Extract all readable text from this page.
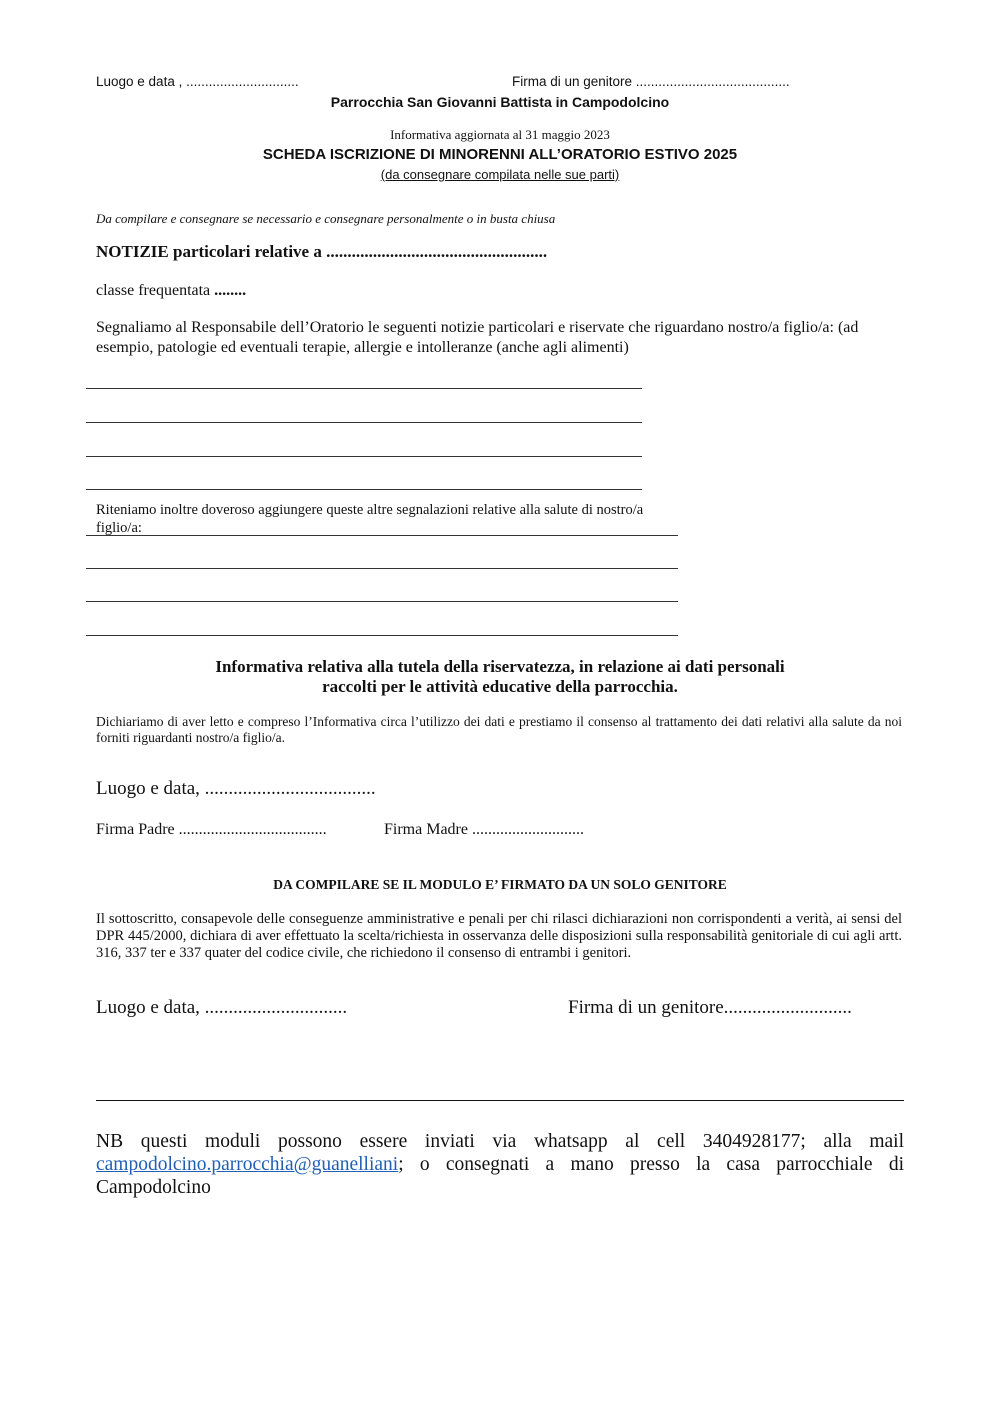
Luogo e data , ..............................	Firma di un genitore .........................................
Parrocchia San Giovanni Battista in Campodolcino
Informativa aggiornata al 31 maggio 2023
SCHEDA ISCRIZIONE DI MINORENNI ALL’ORATORIO ESTIVO 2025
(da consegnare compilata nelle sue parti)
Da compilare e consegnare se necessario e consegnare personalmente o in busta chiusa
NOTIZIE particolari relative a ....................................................
classe frequentata ........
Segnaliamo al Responsabile dell’Oratorio le seguenti notizie particolari e riservate che riguardano nostro/a figlio/a: (ad esempio, patologie ed eventuali terapie, allergie e intolleranze (anche agli alimenti)
Riteniamo inoltre doveroso aggiungere queste altre segnalazioni relative alla salute di nostro/a figlio/a:
Informativa relativa alla tutela della riservatezza, in relazione ai dati personali
raccolti per le attività educative della parrocchia.
Dichiariamo di aver letto e compreso l’Informativa circa l’utilizzo dei dati e prestiamo il consenso al trattamento dei dati relativi alla salute da noi forniti riguardanti nostro/a figlio/a.
Luogo e data, ....................................
Firma Padre .....................................	Firma Madre ............................
DA COMPILARE SE IL MODULO E’ FIRMATO DA UN SOLO GENITORE
Il sottoscritto, consapevole delle conseguenze amministrative e penali per chi rilasci dichiarazioni non corrispondenti a verità, ai sensi del DPR 445/2000, dichiara di aver effettuato la scelta/richiesta in osservanza delle disposizioni sulla responsabilità genitoriale di cui agli artt. 316, 337 ter e 337 quater del codice civile, che richiedono il consenso di entrambi i genitori.
Luogo e data, ..............................	Firma di un genitore...........................
NB questi moduli possono essere inviati via whatsapp al cell 3404928177; alla mail campodolcino.parrocchia@guanelliani; o consegnati a mano presso la casa parrocchiale di Campodolcino
